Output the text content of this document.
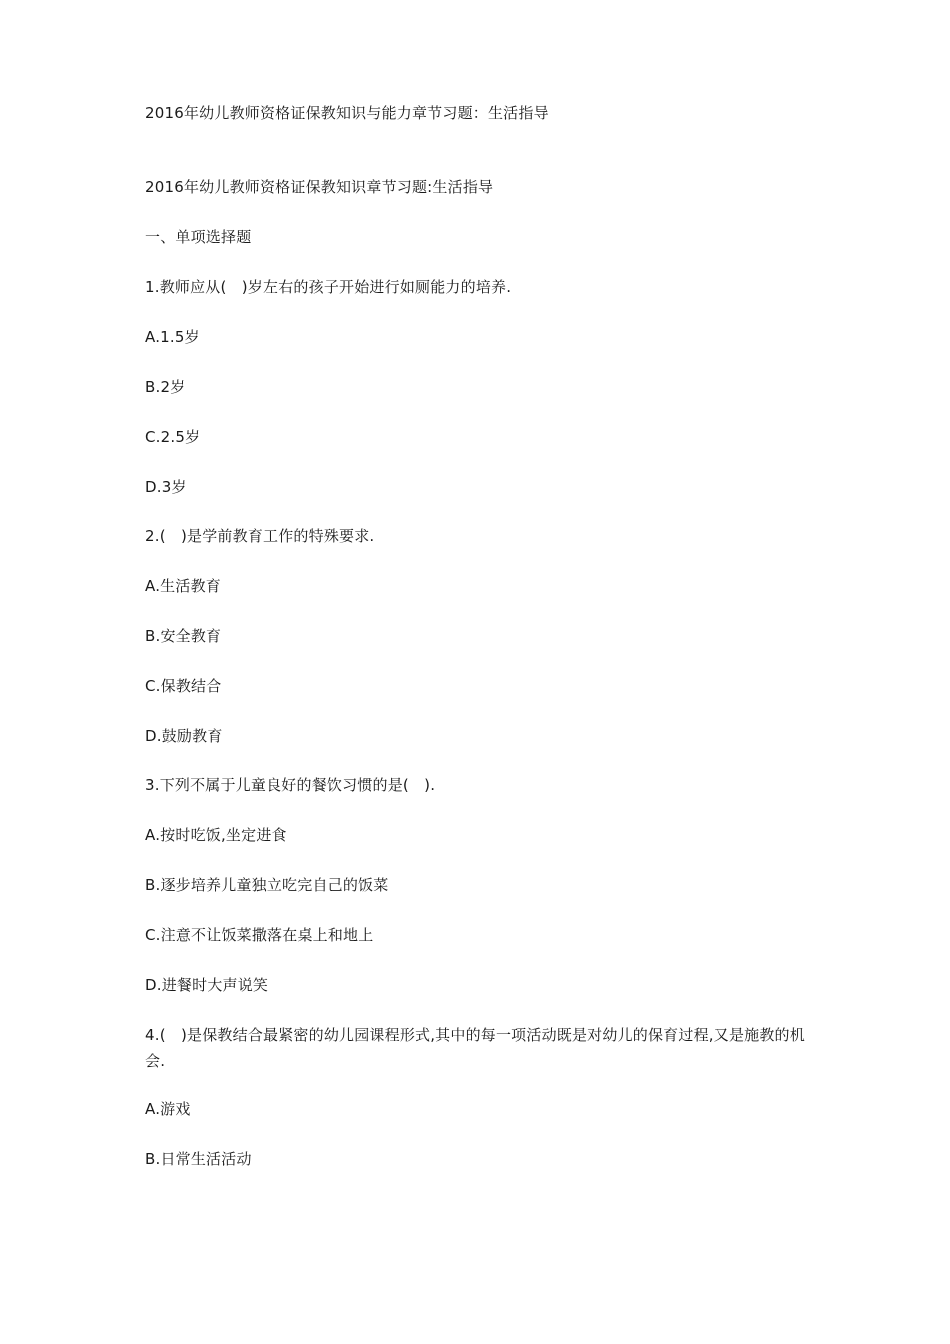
2016年幼儿教师资格证保教知识与能力章节习题：生活指导
2016年幼儿教师资格证保教知识章节习题:生活指导
一、单项选择题
1.教师应从(　)岁左右的孩子开始进行如厕能力的培养.
A.1.5岁
B.2岁
C.2.5岁
D.3岁
2.(　)是学前教育工作的特殊要求.
A.生活教育
B.安全教育
C.保教结合
D.鼓励教育
3.下列不属于儿童良好的餐饮习惯的是(　).
A.按时吃饭,坐定进食
B.逐步培养儿童独立吃完自己的饭菜
C.注意不让饭菜撒落在桌上和地上
D.进餐时大声说笑
4.(　)是保教结合最紧密的幼儿园课程形式,其中的每一项活动既是对幼儿的保育过程,又是施教的机会.
A.游戏
B.日常生活活动
